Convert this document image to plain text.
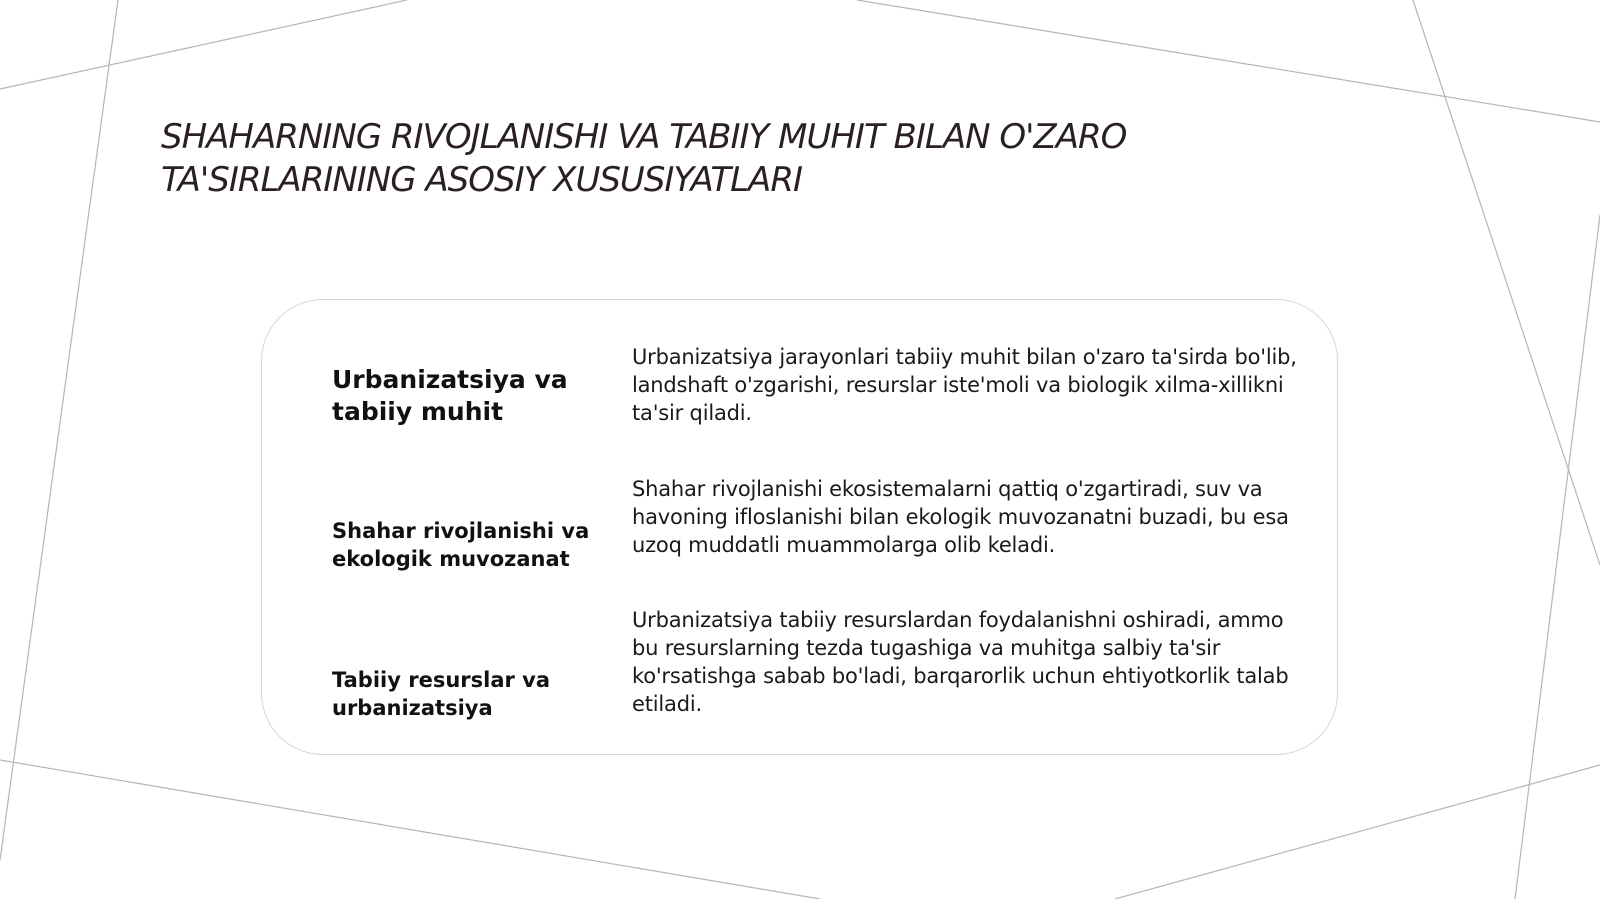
SHAHARNING RIVOJLANISHI VA TABIIY MUHIT BILAN O'ZARO TA'SIRLARINING ASOSIY XUSUSIYATLARI
Urbanizatsiya va tabiiy muhit

Urbanizatsiya jarayonlari tabiiy muhit bilan o'zaro ta'sirda bo'lib, landshaft o'zgarishi, resurslar iste'moli va biologik xilma-xillikni ta'sir qiladi.

Shahar rivojlanishi va ekologik muvozanat

Shahar rivojlanishi ekosistemalarni qattiq o'zgartiradi, suv va havoning ifloslanishi bilan ekologik muvozanatni buzadi, bu esa uzoq muddatli muammolarga olib keladi.

Tabiiy resurslar va urbanizatsiya

Urbanizatsiya tabiiy resurslardan foydalanishni oshiradi, ammo bu resurslarning tezda tugashiga va muhitga salbiy ta'sir ko'rsatishga sabab bo'ladi, barqarorlik uchun ehtiyotkorlik talab etiladi.
